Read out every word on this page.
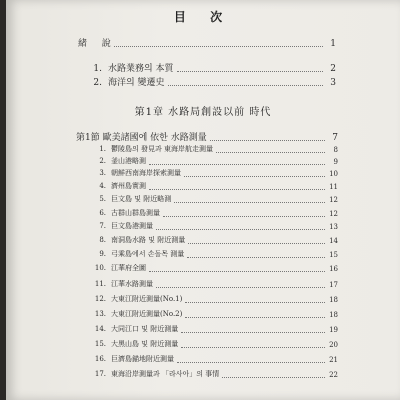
目 次
緒 　 說	1
1. 水路業務의 本質	2
2. 海洋의 變遷史	3
第1章 水路局創設以前 時代
第1節 歐美諸國에 依한 水路測量	7
1. 鬱陵島의 發見과 東海岸航走測量	8
2. 釜山港略測	9
3. 朝鮮西南海岸探索測量	10
4. 濟州島實測	11
5. 巨文島 및 附近略測	12
6. 古群山群島測量	12
7. 巨文島港測量	13
8. 南洞島水路 및 附近測量	14
9. 弓乘島에서 손돌목 測量	15
10. 江華府全圖	16
11. 江華水路測量	17
12. 大東江附近測量(No.1)	18
13. 大東江附近測量(No.2)	18
14. 大同江口 및 附近測量	19
15. 大黑山島 및 附近測量	20
16. 巨濟島錨地附近測量	21
17. 東海沿岸測量과 「라사아」의 事情	22
